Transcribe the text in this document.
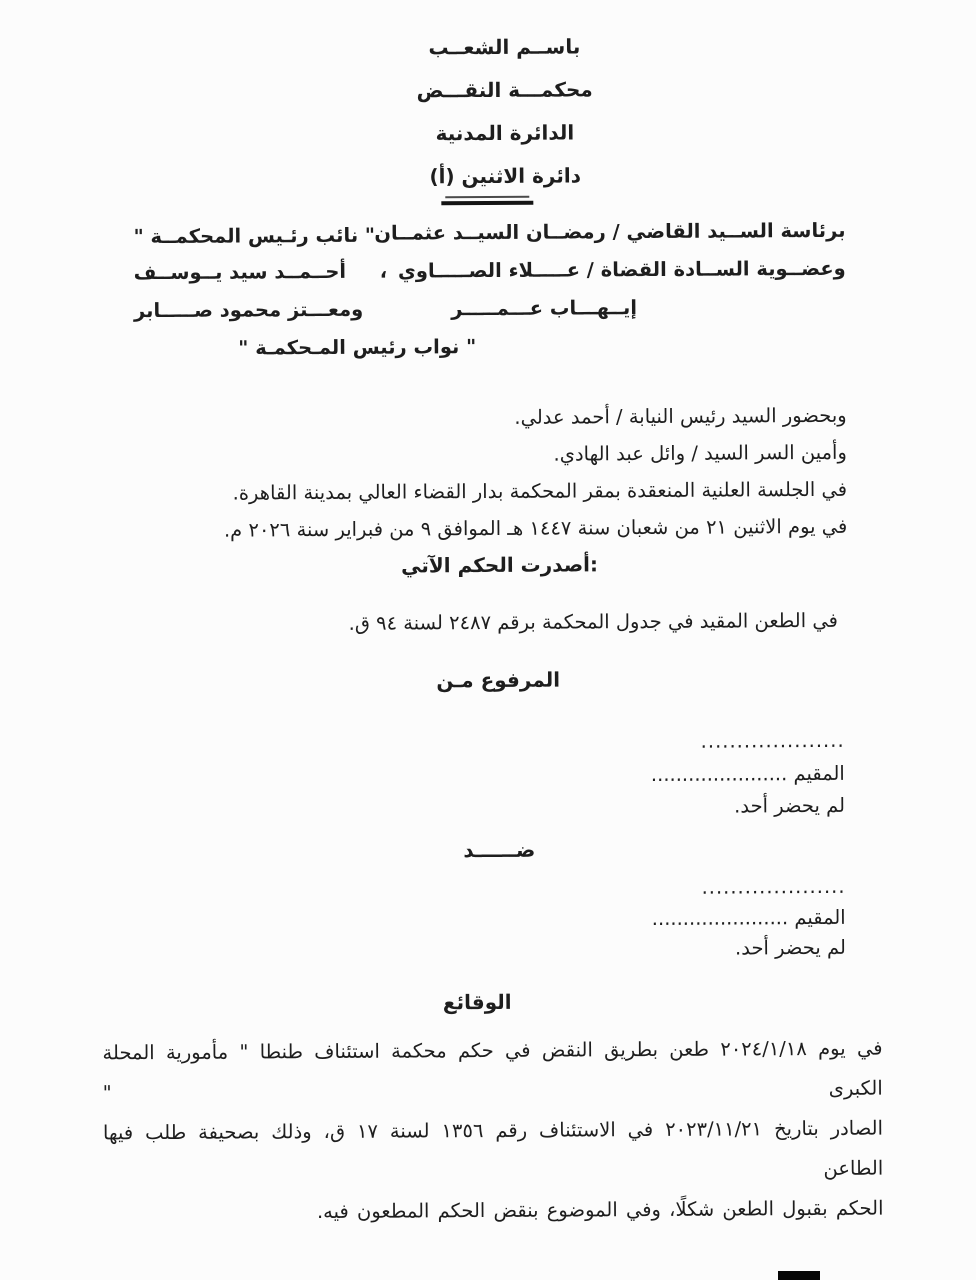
باســم الشعــب
محكمـــة النقـــض
الدائرة المدنية
دائرة الاثنين (أ)
برئاسة الســيد القاضي / رمضــان السيــد عثمــان
" نائب رئـيس المحكمــة "
وعضــوية الســادة القضاة / عـــــلاء الصـــــاوي
،
أحــمــد سيد يــوســف
إيــهـــاب عـــمـــــر
ومعـــتز محمود صـــــابر
" نواب رئيس المـحكمـة "
وبحضور السيد رئيس النيابة / أحمد عدلي.
وأمين السر السيد / وائل عبد الهادي.
في الجلسة العلنية المنعقدة بمقر المحكمة بدار القضاء العالي بمدينة القاهرة.
في يوم الاثنين ٢١ من شعبان سنة ١٤٤٧ هـ الموافق ٩ من فبراير سنة ٢٠٢٦ م.
أصدرت الحكم الآتي:
في الطعن المقيد في جدول المحكمة برقم ٢٤٨٧ لسنة ٩٤ ق.
المرفوع مـن
....................
المقيم ......................
لم يحضر أحد.
ضــــــد
....................
المقيم ......................
لم يحضر أحد.
الوقائع
في يوم ٢٠٢٤/١/١٨ طعن بطريق النقض في حكم محكمة استئناف طنطا " مأمورية المحلة الكبرى "
الصادر بتاريخ ٢٠٢٣/١١/٢١ في الاستئناف رقم ١٣٥٦ لسنة ١٧ ق، وذلك بصحيفة طلب فيها الطاعن
الحكم بقبول الطعن شكلًا، وفي الموضوع بنقض الحكم المطعون فيه.
